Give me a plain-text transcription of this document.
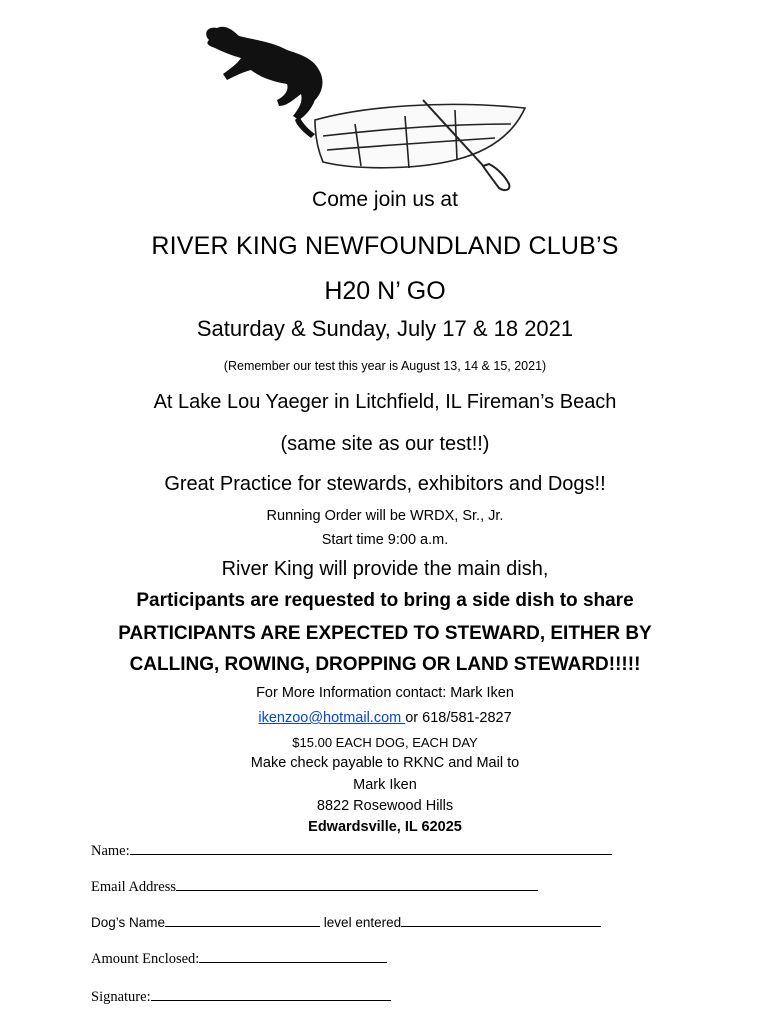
Come join us at
RIVER KING NEWFOUNDLAND CLUB’S
H20 N’ GO
Saturday & Sunday, July 17 & 18 2021
(Remember our test this year is August 13, 14 & 15, 2021)
At Lake Lou Yaeger in Litchfield, IL Fireman’s Beach
(same site as our test!!)
Great Practice for stewards, exhibitors and Dogs!!
Running Order will be WRDX, Sr., Jr.
Start time 9:00 a.m.
River King will provide the main dish,
Participants are requested to bring a side dish to share
PARTICIPANTS ARE EXPECTED TO STEWARD, EITHER BY
CALLING, ROWING, DROPPING OR LAND STEWARD!!!!!
For More Information contact: Mark Iken
ikenzoo@hotmail.com or 618/581-2827
$15.00 EACH DOG, EACH DAY
Make check payable to RKNC and Mail to
Mark Iken
8822 Rosewood Hills
Edwardsville, IL 62025
Name:
Email Address
Dog’s Name	level entered
Amount Enclosed:
Signature:
